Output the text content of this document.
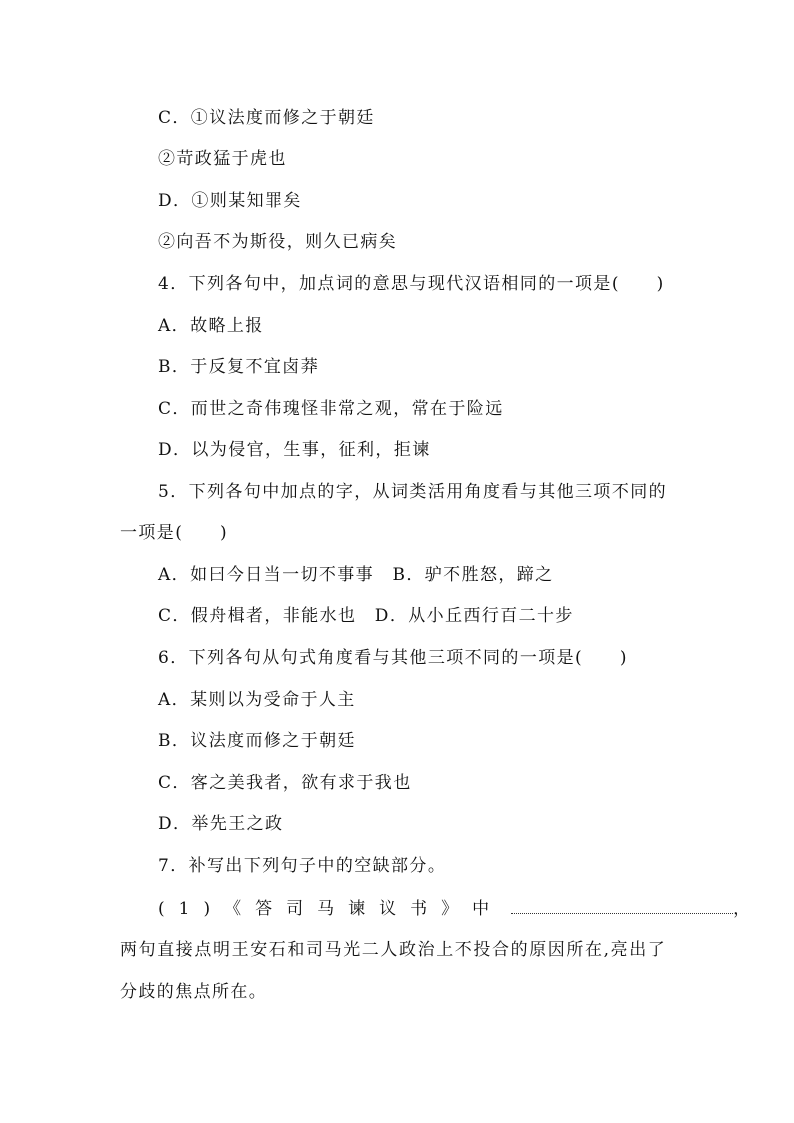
C．①议法度而修之于朝廷
②苛政猛于虎也
D．①则某知罪矣
②向吾不为斯役，则久已病矣
4．下列各句中，加点词的意思与现代汉语相同的一项是(　　)
A．故略上报
B．于反复不宜卤莽
C．而世之奇伟瑰怪非常之观，常在于险远
D．以为侵官，生事，征利，拒谏
5．下列各句中加点的字，从词类活用角度看与其他三项不同的
一项是(　　)
A．如曰今日当一切不事事　B．驴不胜怒，蹄之
C．假舟楫者，非能水也　D．从小丘西行百二十步
6．下列各句从句式角度看与其他三项不同的一项是(　　)
A．某则以为受命于人主
B．议法度而修之于朝廷
C．客之美我者，欲有求于我也
D．举先王之政
7．补写出下列句子中的空缺部分。
(1)《答司马谏议书》中	，
两句直接点明王安石和司马光二人政治上不投合的原因所在,亮出了
分歧的焦点所在。
